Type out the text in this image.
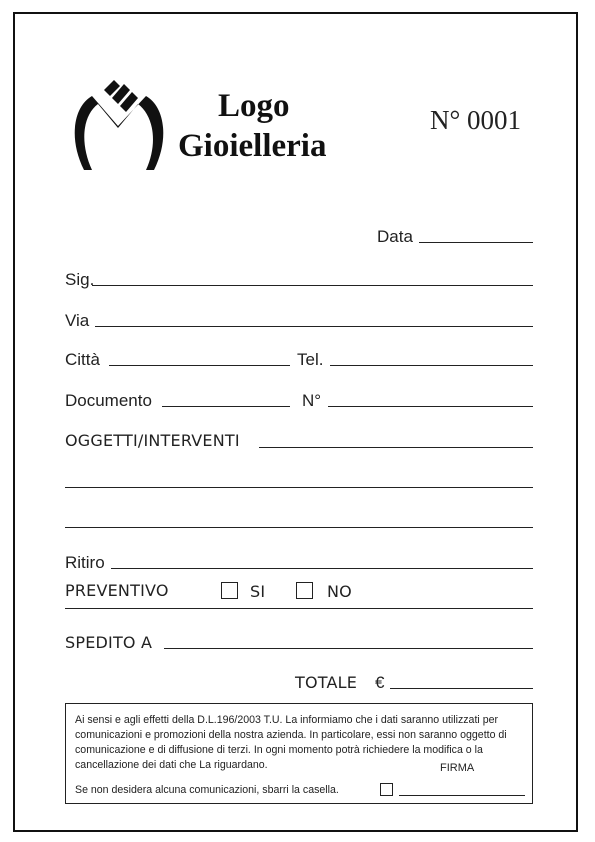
Logo
Gioielleria
N° 0001
Data
Sig.
Via
Città	Tel.
Documento	N°
OGGETTI/INTERVENTI
Ritiro
PREVENTIVO	SI	NO
SPEDITO A
TOTALE €
Ai sensi e agli effetti della D.L.196/2003 T.U. La informiamo che i dati saranno utilizzati per comunicazioni e promozioni della nostra azienda. In particolare, essi non saranno oggetto di comunicazione e di diffusione di terzi. In ogni momento potrà richiedere la modifica o la cancellazione dei dati che La riguardano.	FIRMA
Se non desidera alcuna comunicazioni, sbarri la casella.
